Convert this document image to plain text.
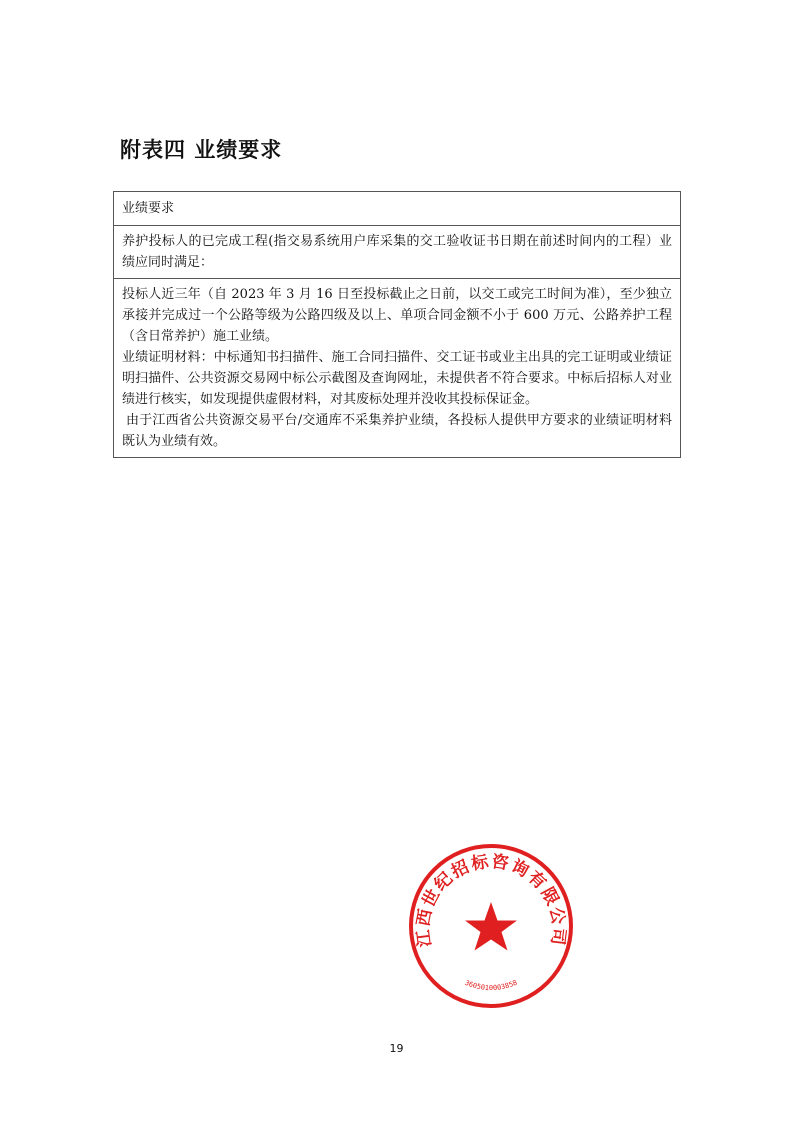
附表四 业绩要求
业绩要求

养护投标人的已完成工程(指交易系统用户库采集的交工验收证书日期在前述时间内的工程）业绩应同时满足：

投标人近三年（自 2023 年 3 月 16 日至投标截止之日前，以交工或完工时间为准），至少独立承接并完成过一个公路等级为公路四级及以上、单项合同金额不小于 600 万元、公路养护工程（含日常养护）施工业绩。

业绩证明材料：中标通知书扫描件、施工合同扫描件、交工证书或业主出具的完工证明或业绩证明扫描件、公共资源交易网中标公示截图及查询网址，未提供者不符合要求。中标后招标人对业绩进行核实，如发现提供虚假材料，对其废标处理并没收其投标保证金。

由于江西省公共资源交易平台/交通库不采集养护业绩，各投标人提供甲方要求的业绩证明材料既认为业绩有效。

江西世纪招标咨询有限公司
3605010003858
19
